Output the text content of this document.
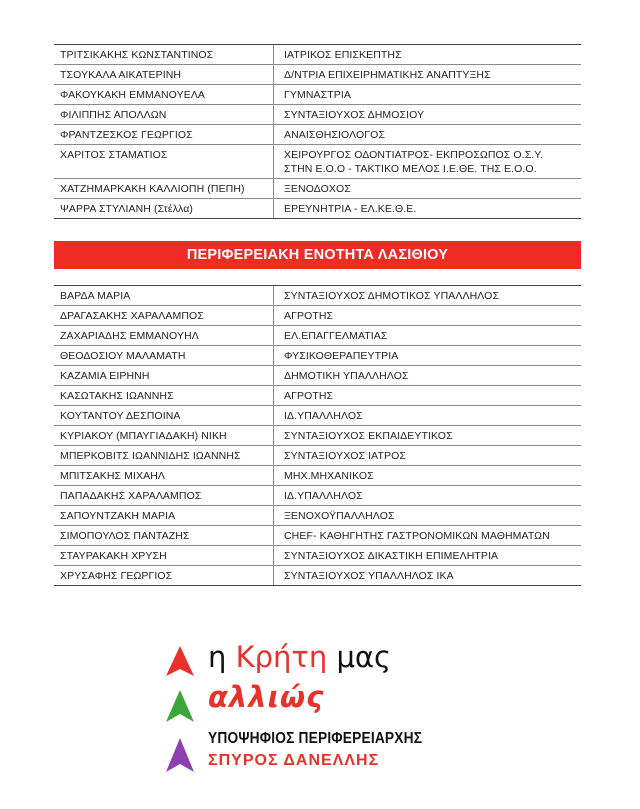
ΤΡΙΤΣΙΚΑΚΗΣ ΚΩΝΣΤΑΝΤΙΝΟΣ	ΙΑΤΡΙΚΟΣ ΕΠΙΣΚΕΠΤΗΣ
ΤΣΟΥΚΑΛΑ ΑΙΚΑΤΕΡΙΝΗ	Δ/ΝΤΡΙΑ ΕΠΙΧΕΙΡΗΜΑΤΙΚΗΣ ΑΝΑΠΤΥΞΗΣ
ΦΑΚΟΥΚΑΚΗ ΕΜΜΑΝΟΥΕΛΑ	ΓΥΜΝΑΣΤΡΙΑ
ΦΙΛΙΠΠΗΣ ΑΠΟΛΛΩΝ	ΣΥΝΤΑΞΙΟΥΧΟΣ ΔΗΜΟΣΙΟΥ
ΦΡΑΝΤΖΕΣΚΟΣ ΓΕΩΡΓΙΟΣ	ΑΝΑΙΣΘΗΣΙΟΛΟΓΟΣ
ΧΑΡΙΤΟΣ ΣΤΑΜΑΤΙΟΣ	ΧΕΙΡΟΥΡΓΟΣ ΟΔΟΝΤΙΑΤΡΟΣ- ΕΚΠΡΟΣΩΠΟΣ Ο.Σ.Υ.
ΣΤΗΝ Ε.Ο.Ο - ΤΑΚΤΙΚΟ ΜΕΛΟΣ Ι.Ε.ΘΕ. ΤΗΣ Ε.Ο.Ο.
ΧΑΤΖΗΜΑΡΚΑΚΗ ΚΑΛΛΙΟΠΗ (ΠΕΠΗ)	ΞΕΝΟΔΟΧΟΣ
ΨΑΡΡΑ ΣΤΥΛΙΑΝΗ (Στέλλα)	ΕΡΕΥΝΗΤΡΙΑ - ΕΛ.ΚΕ.Θ.Ε.
ΠΕΡΙΦΕΡΕΙΑΚΗ ΕΝΟΤΗΤΑ ΛΑΣΙΘΙΟΥ
ΒΑΡΔΑ ΜΑΡΙΑ	ΣΥΝΤΑΞΙΟΥΧΟΣ ΔΗΜΟΤΙΚΟΣ ΥΠΑΛΛΗΛΟΣ
ΔΡΑΓΑΣΑΚΗΣ ΧΑΡΑΛΑΜΠΟΣ	ΑΓΡΟΤΗΣ
ΖΑΧΑΡΙΑΔΗΣ ΕΜΜΑΝΟΥΗΛ	ΕΛ.ΕΠΑΓΓΕΛΜΑΤΙΑΣ
ΘΕΟΔΟΣΙΟΥ ΜΑΛΑΜΑΤΗ	ΦΥΣΙΚΟΘΕΡΑΠΕΥΤΡΙΑ
ΚΑΖΑΜΙΑ ΕΙΡΗΝΗ	ΔΗΜΟΤΙΚΗ ΥΠΑΛΛΗΛΟΣ
ΚΑΣΩΤΑΚΗΣ ΙΩΑΝΝΗΣ	ΑΓΡΟΤΗΣ
ΚΟΥΤΑΝΤΟΥ ΔΕΣΠΟΙΝΑ	ΙΔ.ΥΠΑΛΛΗΛΟΣ
ΚΥΡΙΑΚΟΥ (ΜΠΑΥΓΙΑΔΑΚΗ) ΝΙΚΗ	ΣΥΝΤΑΞΙΟΥΧΟΣ ΕΚΠΑΙΔΕΥΤΙΚΟΣ
ΜΠΕΡΚΟΒΙΤΣ ΙΩΑΝΝΙΔΗΣ ΙΩΑΝΝΗΣ	ΣΥΝΤΑΞΙΟΥΧΟΣ ΙΑΤΡΟΣ
ΜΠΙΤΣΑΚΗΣ ΜΙΧΑΗΛ	ΜΗΧ.ΜΗΧΑΝΙΚΟΣ
ΠΑΠΑΔΑΚΗΣ ΧΑΡΑΛΑΜΠΟΣ	ΙΔ.ΥΠΑΛΛΗΛΟΣ
ΣΑΠΟΥΝΤΖΑΚΗ ΜΑΡΙΑ	ΞΕΝΟΧΟΫΠΑΛΛΗΛΟΣ
ΣΙΜΟΠΟΥΛΟΣ ΠΑΝΤΑΖΗΣ	CHEF- ΚΑΘΗΓΗΤΗΣ ΓΑΣΤΡΟΝΟΜΙΚΩΝ ΜΑΘΗΜΑΤΩΝ
ΣΤΑΥΡΑΚΑΚΗ ΧΡΥΣΗ	ΣΥΝΤΑΞΙΟΥΧΟΣ ΔΙΚΑΣΤΙΚΗ ΕΠΙΜΕΛΗΤΡΙΑ
ΧΡΥΣΑΦΗΣ ΓΕΩΡΓΙΟΣ	ΣΥΝΤΑΞΙΟΥΧΟΣ ΥΠΑΛΛΗΛΟΣ ΙΚΑ
η Κρήτη μας
αλλιώς
ΥΠΟΨΗΦΙΟΣ ΠΕΡΙΦΕΡΕΙΑΡΧΗΣ
ΣΠΥΡΟΣ ΔΑΝΕΛΛΗΣ
